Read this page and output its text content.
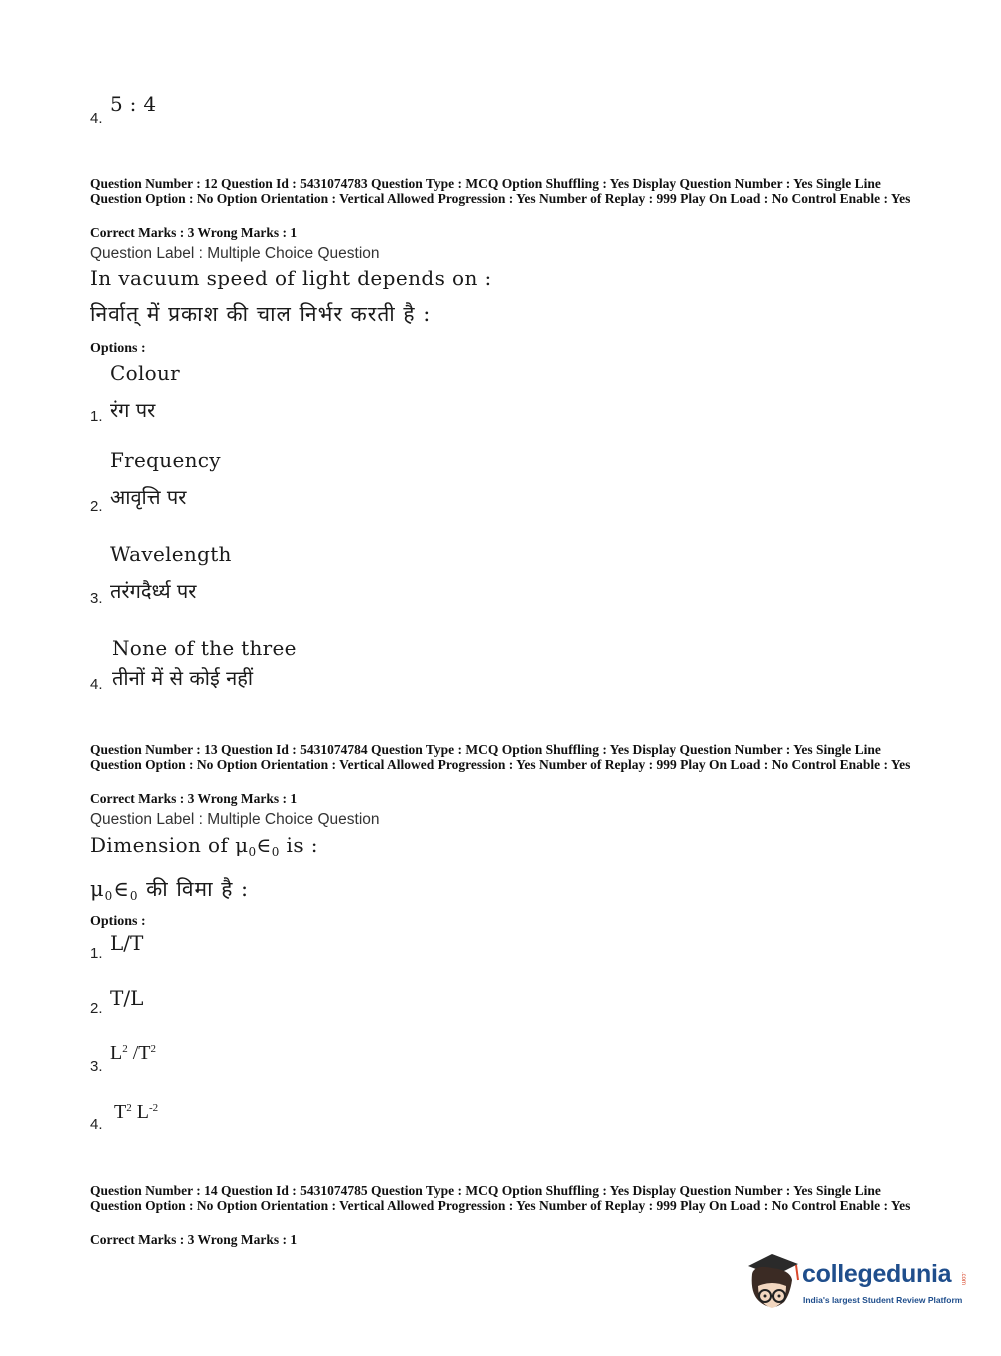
4.
5 : 4
Question Number : 12 Question Id : 5431074783 Question Type : MCQ Option Shuffling : Yes Display Question Number : Yes Single Line Question Option : No Option Orientation : Vertical Allowed Progression : Yes Number of Replay : 999 Play On Load : No Control Enable : Yes
Correct Marks : 3 Wrong Marks : 1
Question Label : Multiple Choice Question
In vacuum speed of light depends on :
निर्वात् में प्रकाश की चाल निर्भर करती है :
Options :
Colour
1. रंग पर
Frequency
2. आवृत्ति पर
Wavelength
3. तरंगदैर्ध्य पर
None of the three
4. तीनों में से कोई नहीं
Question Number : 13 Question Id : 5431074784 Question Type : MCQ Option Shuffling : Yes Display Question Number : Yes Single Line Question Option : No Option Orientation : Vertical Allowed Progression : Yes Number of Replay : 999 Play On Load : No Control Enable : Yes
Correct Marks : 3 Wrong Marks : 1
Question Label : Multiple Choice Question
Dimension of $\mu_0\in_0$ is :
$\mu_0\in_0$ की विमा है :
Options :
1. L/T
2. T/L
3.
$L^2$ $/T^2$
4.
$T^2$ $L^{-2}$
Question Number : 14 Question Id : 5431074785 Question Type : MCQ Option Shuffling : Yes Display Question Number : Yes Single Line Question Option : No Option Orientation : Vertical Allowed Progression : Yes Number of Replay : 999 Play On Load : No Control Enable : Yes
Correct Marks : 3 Wrong Marks : 1
collegedunia .com
India's largest Student Review Platform
